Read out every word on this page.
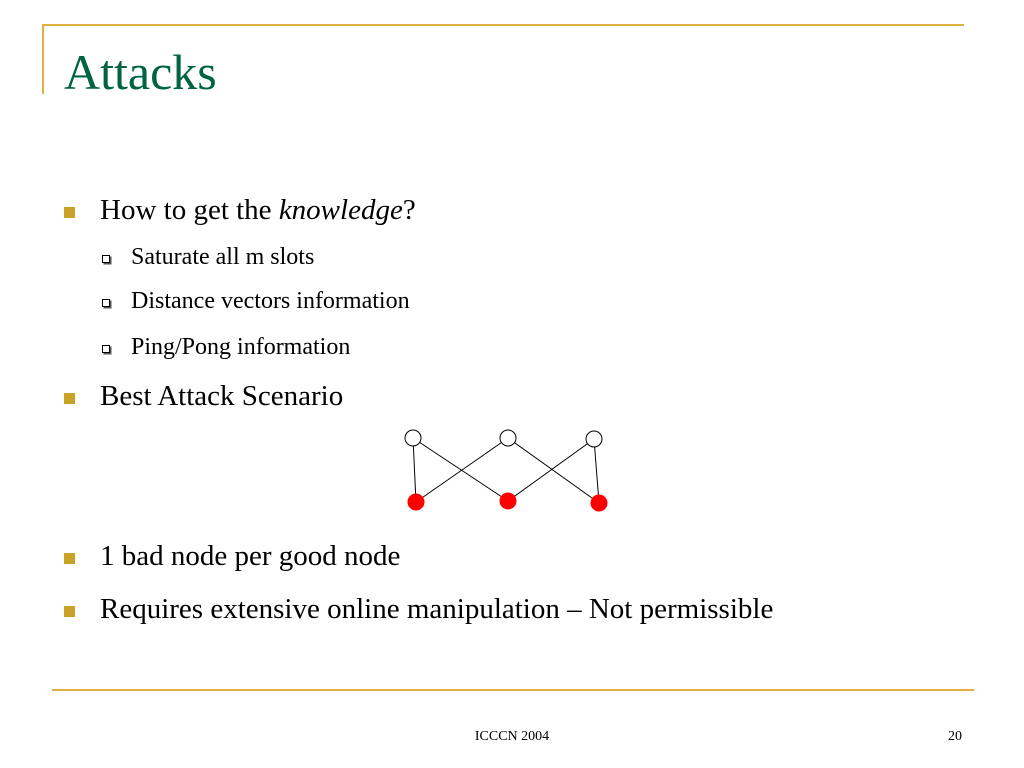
Attacks
How to get the knowledge?
Saturate all m slots
Distance vectors information
Ping/Pong information
Best Attack Scenario
1 bad node per good node
Requires extensive online manipulation – Not permissible
ICCCN 2004	20
